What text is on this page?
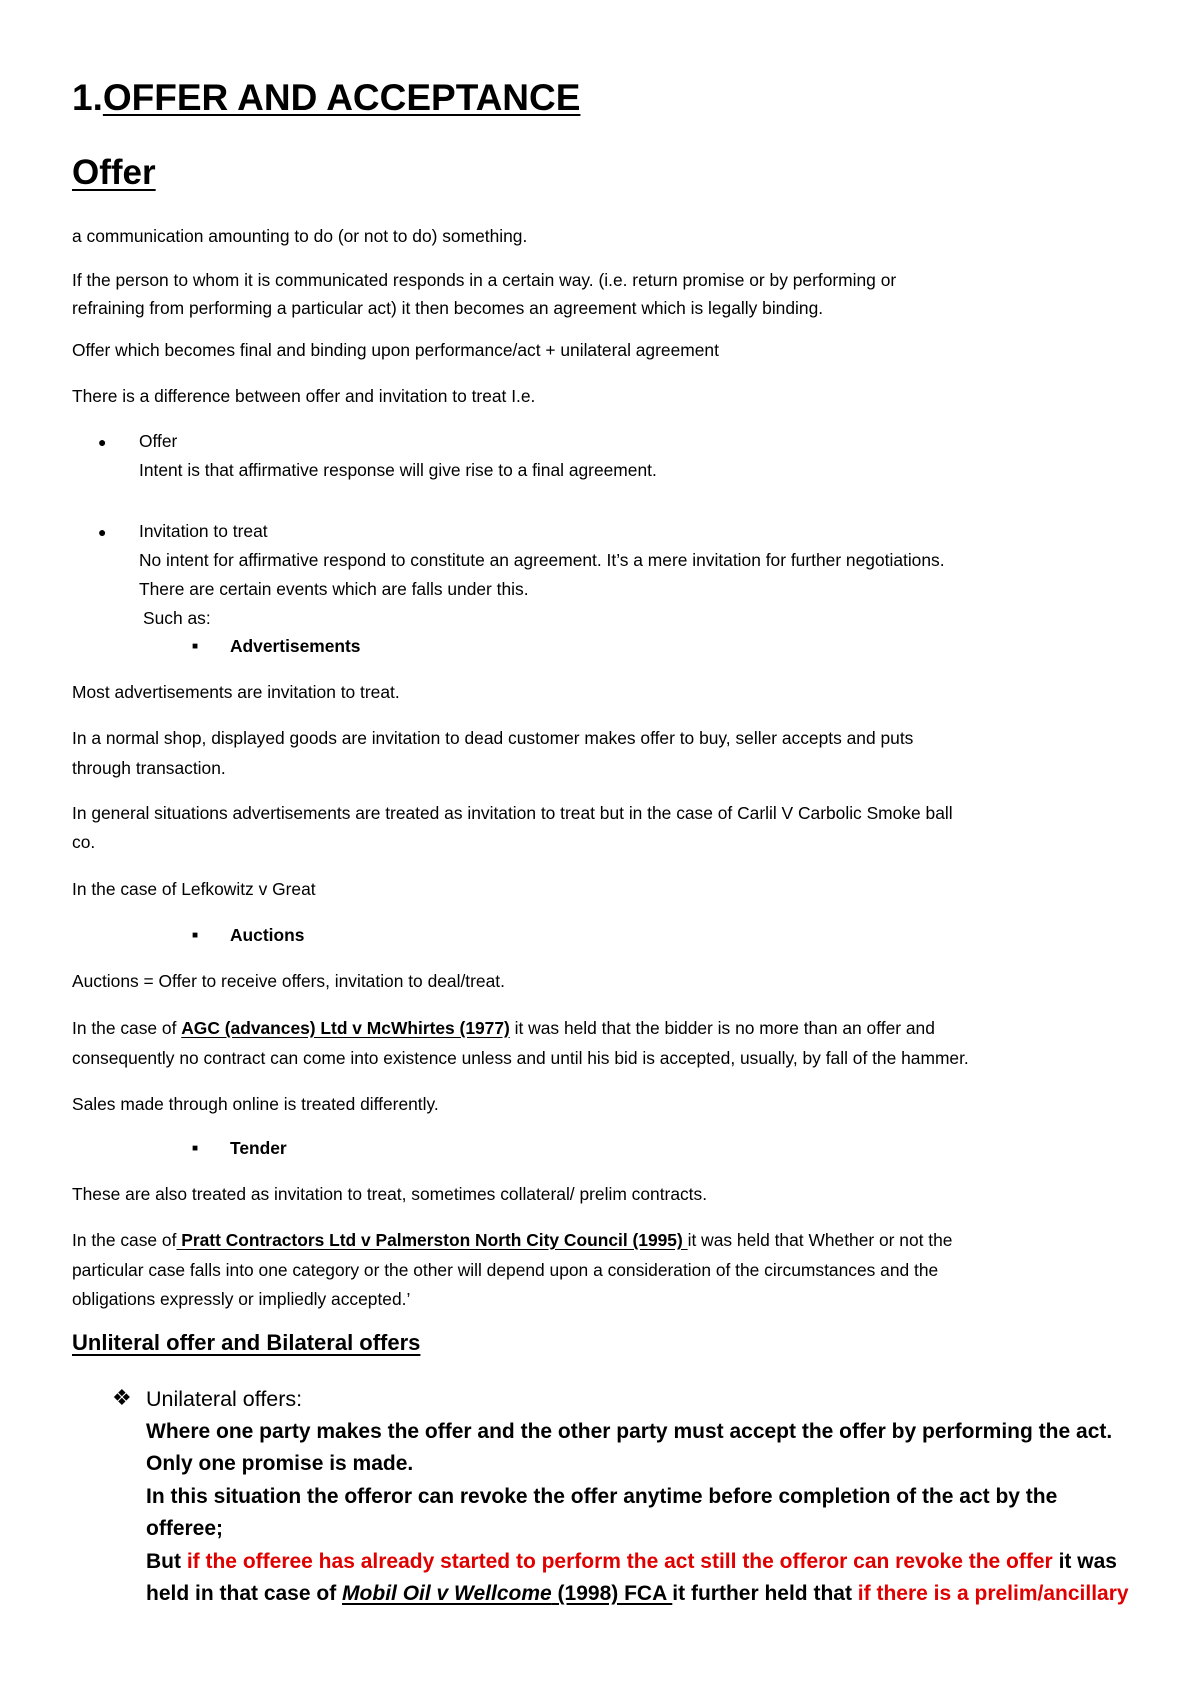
1.OFFER AND ACCEPTANCE
Offer
a communication amounting to do (or not to do) something.
If the person to whom it is communicated responds in a certain way. (i.e. return promise or by performing or
refraining from performing a particular act) it then becomes an agreement which is legally binding.
Offer which becomes final and binding upon performance/act + unilateral agreement
There is a difference between offer and invitation to treat I.e.
● Offer
Intent is that affirmative response will give rise to a final agreement.
● Invitation to treat
No intent for affirmative respond to constitute an agreement. It’s a mere invitation for further negotiations.
There are certain events which are falls under this.
Such as:
■ Advertisements
Most advertisements are invitation to treat.
In a normal shop, displayed goods are invitation to dead customer makes offer to buy, seller accepts and puts
through transaction.
In general situations advertisements are treated as invitation to treat but in the case of Carlil V Carbolic Smoke ball
co.
In the case of Lefkowitz v Great
■ Auctions
Auctions = Offer to receive offers, invitation to deal/treat.
In the case of AGC (advances) Ltd v McWhirtes (1977) it was held that the bidder is no more than an offer and
consequently no contract can come into existence unless and until his bid is accepted, usually, by fall of the hammer.
Sales made through online is treated differently.
■ Tender
These are also treated as invitation to treat, sometimes collateral/ prelim contracts.
In the case of Pratt Contractors Ltd v Palmerston North City Council (1995) it was held that Whether or not the
particular case falls into one category or the other will depend upon a consideration of the circumstances and the
obligations expressly or impliedly accepted.’
Unliteral offer and Bilateral offers
❖ Unilateral offers:
Where one party makes the offer and the other party must accept the offer by performing the act.
Only one promise is made.
In this situation the offeror can revoke the offer anytime before completion of the act by the
offeree;
But if the offeree has already started to perform the act still the offeror can revoke the offer it was
held in that case of Mobil Oil v Wellcome (1998) FCA it further held that if there is a prelim/ancillary
